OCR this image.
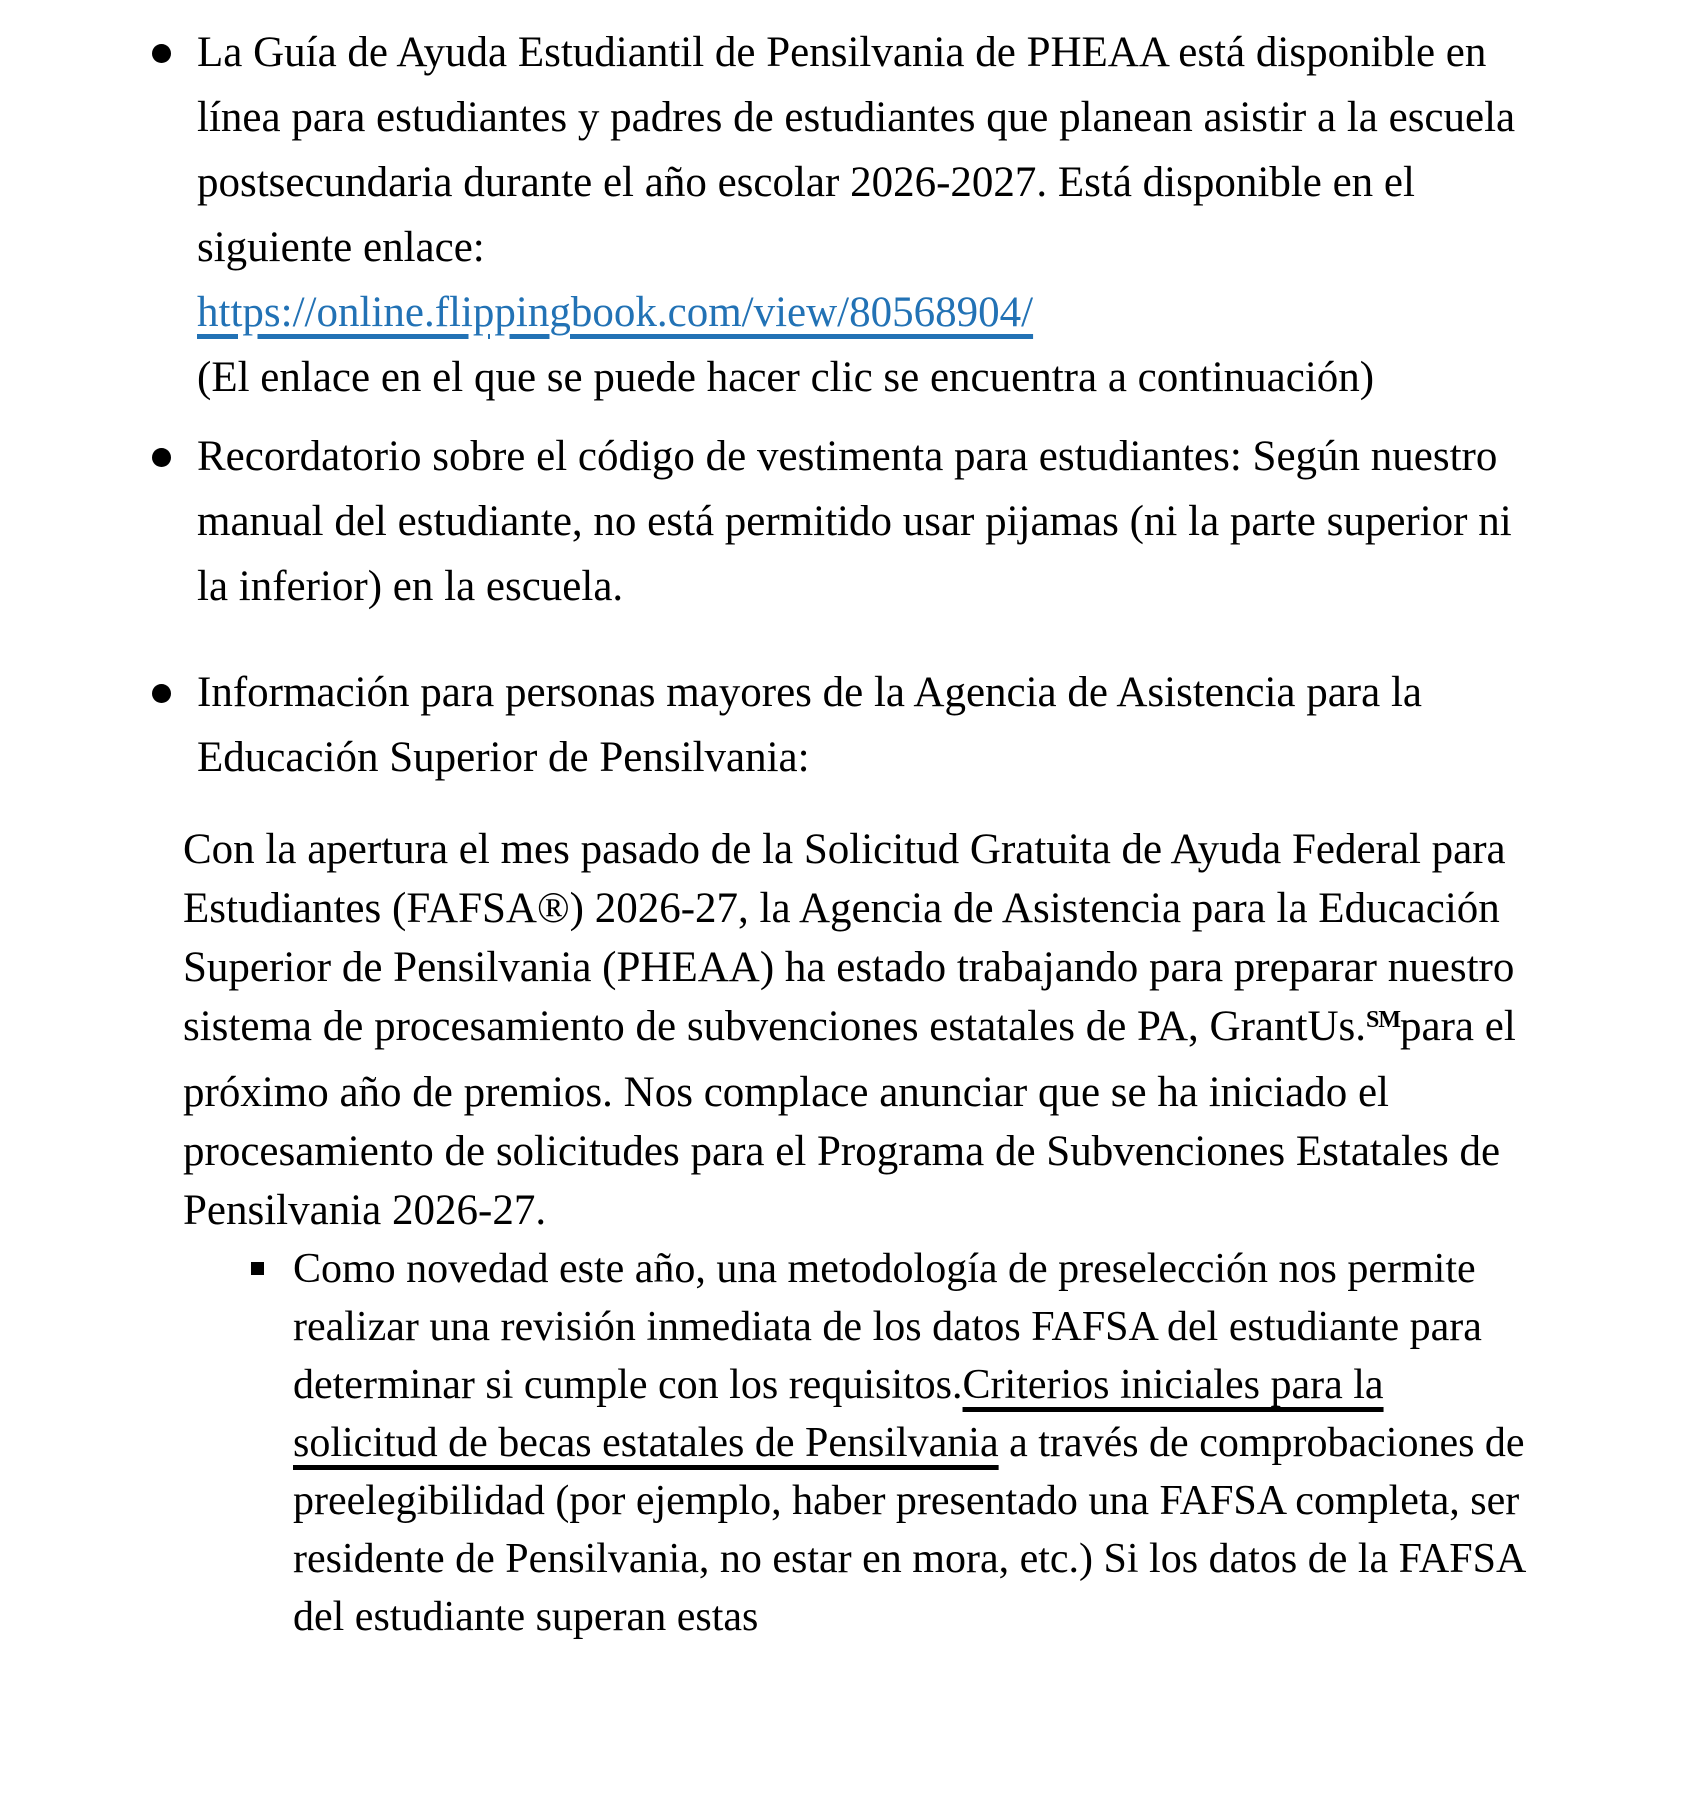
La Guía de Ayuda Estudiantil de Pensilvania de PHEAA está disponible en línea para estudiantes y padres de estudiantes que planean asistir a la escuela postsecundaria durante el año escolar 2026-2027. Está disponible en el siguiente enlace:
https://online.flippingbook.com/view/80568904/
(El enlace en el que se puede hacer clic se encuentra a continuación)
Recordatorio sobre el código de vestimenta para estudiantes: Según nuestro manual del estudiante, no está permitido usar pijamas (ni la parte superior ni la inferior) en la escuela.
Información para personas mayores de la Agencia de Asistencia para la Educación Superior de Pensilvania:

Con la apertura el mes pasado de la Solicitud Gratuita de Ayuda Federal para Estudiantes (FAFSA®) 2026-27, la Agencia de Asistencia para la Educación Superior de Pensilvania (PHEAA) ha estado trabajando para preparar nuestro sistema de procesamiento de subvenciones estatales de PA, GrantUs.℠para el próximo año de premios. Nos complace anunciar que se ha iniciado el procesamiento de solicitudes para el Programa de Subvenciones Estatales de Pensilvania 2026-27.

Como novedad este año, una metodología de preselección nos permite realizar una revisión inmediata de los datos FAFSA del estudiante para determinar si cumple con los requisitos.Criterios iniciales para la solicitud de becas estatales de Pensilvania a través de comprobaciones de preelegibilidad (por ejemplo, haber presentado una FAFSA completa, ser residente de Pensilvania, no estar en mora, etc.) Si los datos de la FAFSA del estudiante superan estas
